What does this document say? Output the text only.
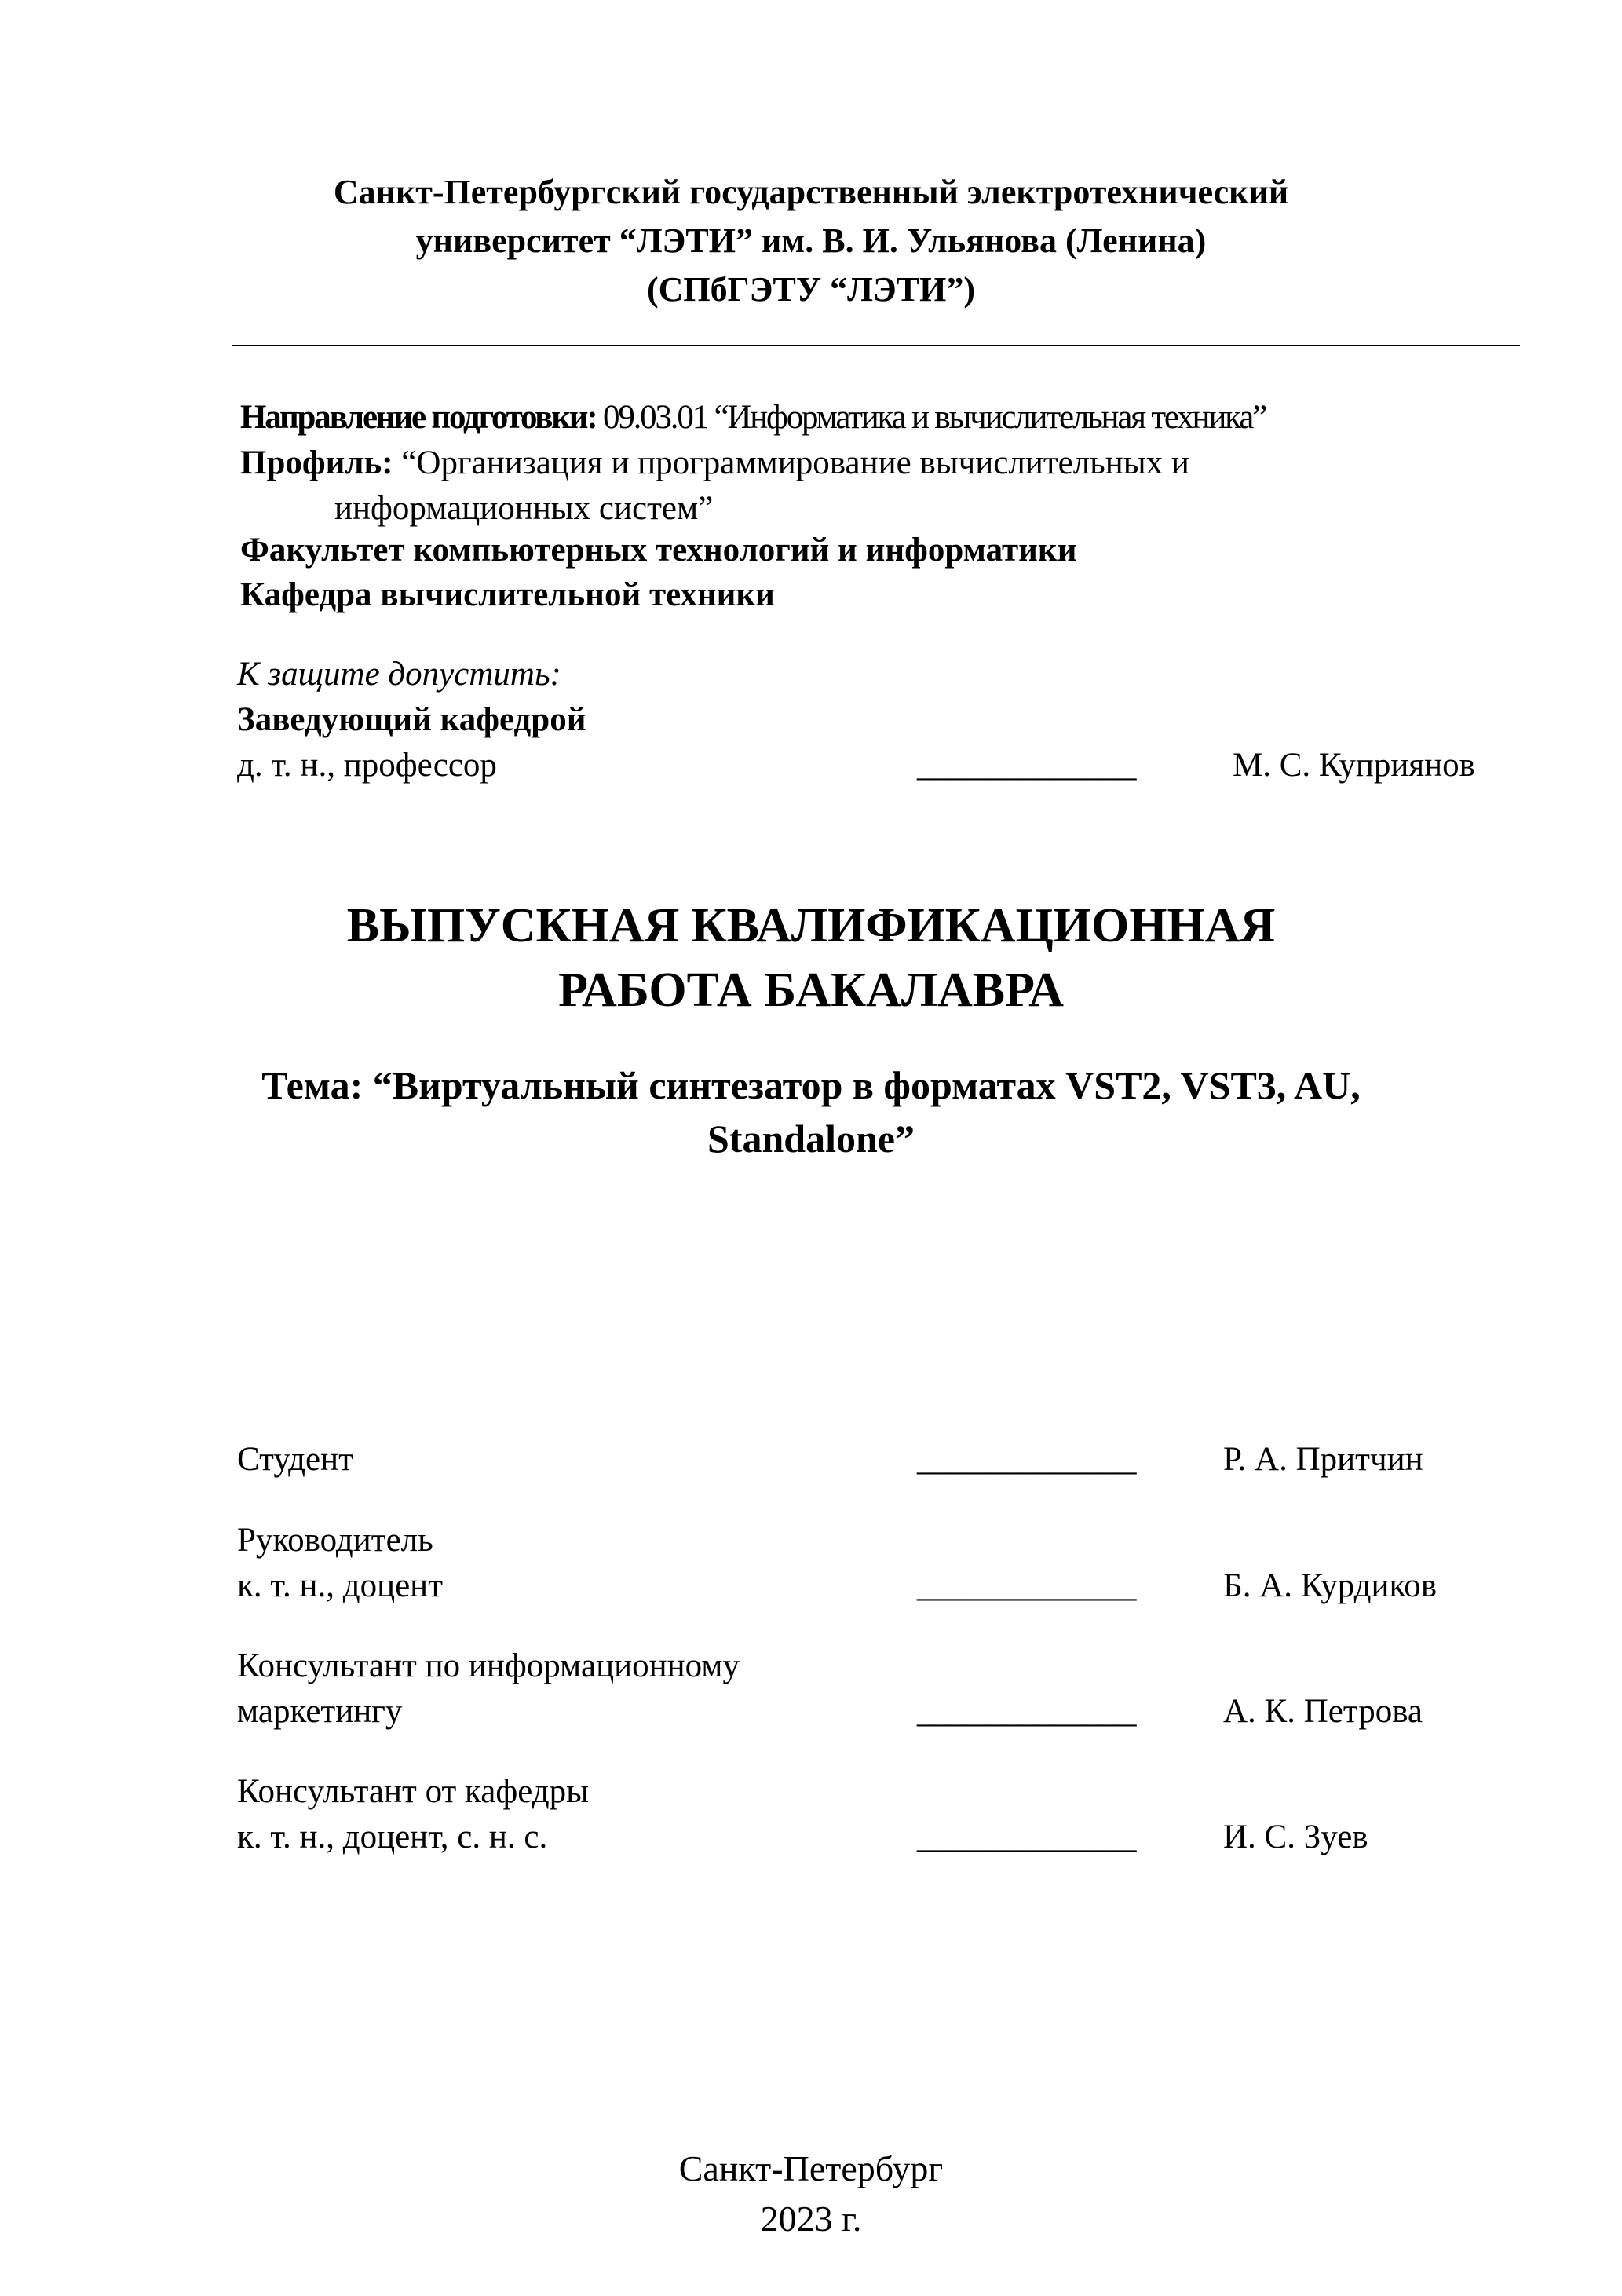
Санкт-Петербургский государственный электротехнический
университет “ЛЭТИ” им. В. И. Ульянова (Ленина)
(СПбГЭТУ “ЛЭТИ”)
Направление подготовки: 09.03.01 “Информатика и вычислительная техника”
Профиль: “Организация и программирование вычислительных и
информационных систем”
Факультет компьютерных технологий и информатики
Кафедра вычислительной техники
К защите допустить:
Заведующий кафедрой
д. т. н., профессор	_____________	М. С. Куприянов
ВЫПУСКНАЯ КВАЛИФИКАЦИОННАЯ
РАБОТА БАКАЛАВРА
Тема: “Виртуальный синтезатор в форматах VST2, VST3, AU,
Standalone”
Студент	_____________	Р. А. Притчин
Руководитель
к. т. н., доцент	_____________	Б. А. Курдиков
Консультант по информационному
маркетингу	_____________	А. К. Петрова
Консультант от кафедры
к. т. н., доцент, с. н. с.	_____________	И. С. Зуев
Санкт-Петербург
2023 г.
